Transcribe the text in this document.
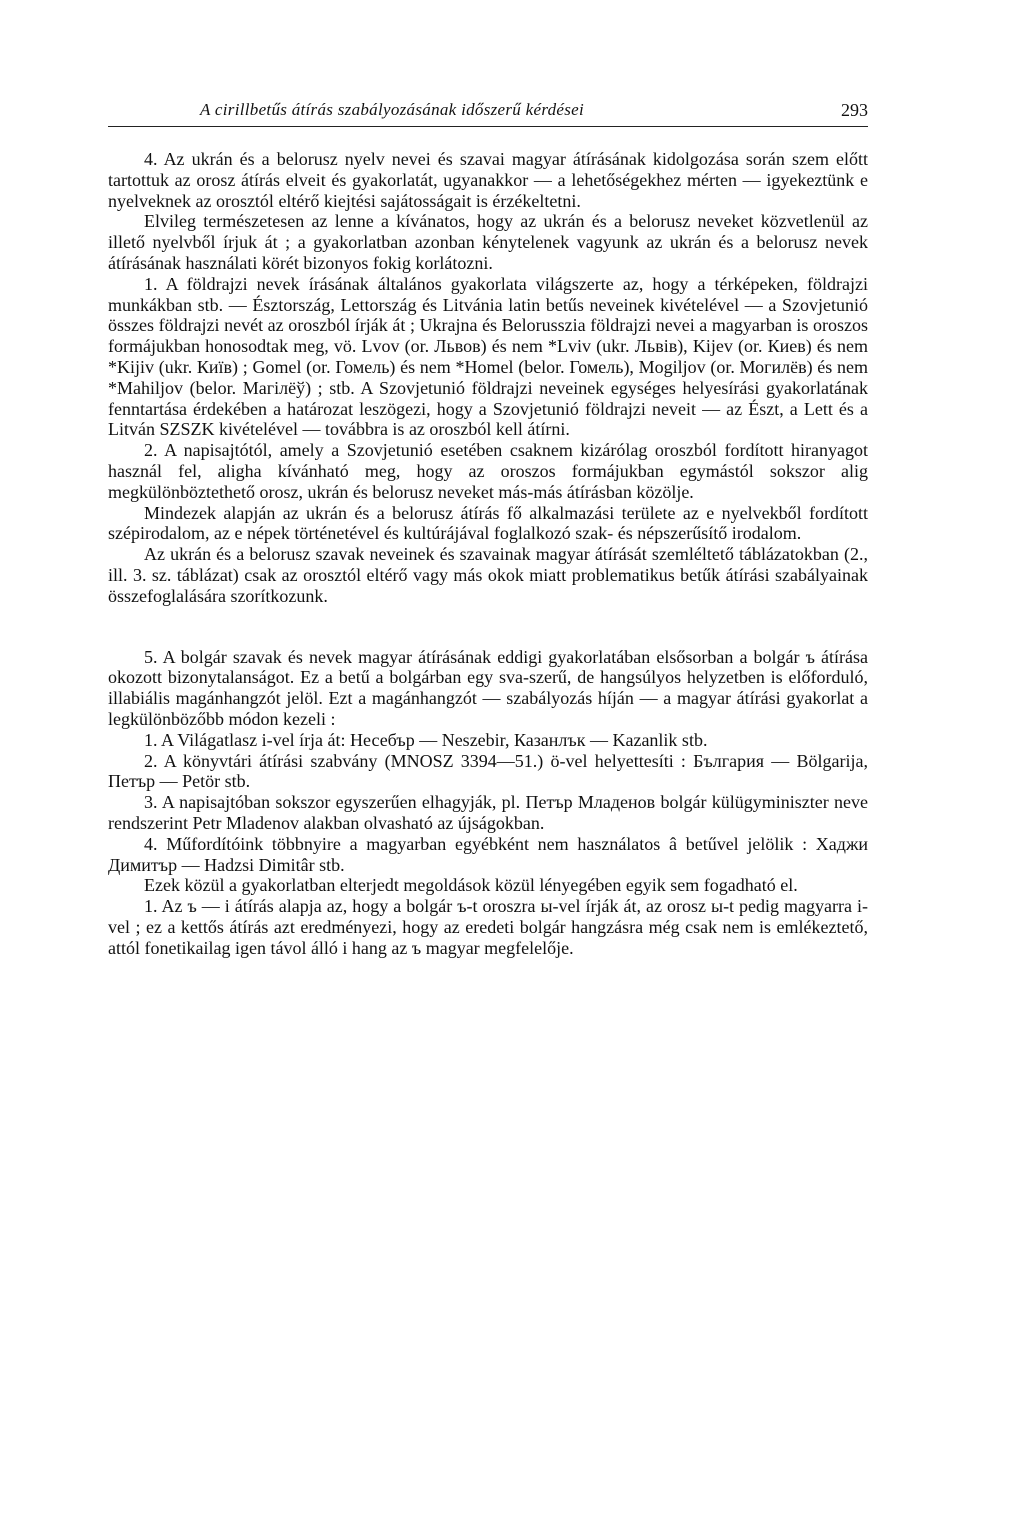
A cirillbetűs átírás szabályozásának időszerű kérdései	293

4. Az ukrán és a belorusz nyelv nevei és szavai magyar átírásának kidolgozása során szem előtt tartottuk az orosz átírás elveit és gyakorlatát, ugyanakkor — a lehetőségekhez mérten — igyekeztünk e nyelveknek az orosztól eltérő kiejtési sajátosságait is érzékeltetni.

Elvileg természetesen az lenne a kívánatos, hogy az ukrán és a belorusz neveket közvetlenül az illető nyelvből írjuk át ; a gyakorlatban azonban kénytelenek vagyunk az ukrán és a belorusz nevek átírásának használati körét bizonyos fokig korlátozni.

1. A földrajzi nevek írásának általános gyakorlata világszerte az, hogy a térképeken, földrajzi munkákban stb. — Észtország, Lettország és Litvánia latin betűs neveinek kivételével — a Szovjetunió összes földrajzi nevét az oroszból írják át ; Ukrajna és Belorusszia földrajzi nevei a magyarban is oroszos formájukban honosodtak meg, vö. Lvov (or. Львов) és nem *Lviv (ukr. Львів), Kijev (or. Киев) és nem *Kijiv (ukr. Київ) ; Gomel (or. Гомель) és nem *Homel (belor. Гомель), Mogiljov (or. Могилёв) és nem *Mahiljov (belor. Магілёў) ; stb. A Szovjetunió földrajzi neveinek egységes helyesírási gyakorlatának fenntartása érdekében a határozat leszögezi, hogy a Szovjetunió földrajzi neveit — az Észt, a Lett és a Litván SZSZK kivételével — továbbra is az oroszból kell átírni.

2. A napisajtótól, amely a Szovjetunió esetében csaknem kizárólag oroszból fordított hiranyagot használ fel, aligha kívánható meg, hogy az oroszos formájukban egymástól sokszor alig megkülönböztethető orosz, ukrán és belorusz neveket más-más átírásban közölje.

Mindezek alapján az ukrán és a belorusz átírás fő alkalmazási területe az e nyelvekből fordított szépirodalom, az e népek történetével és kultúrájával foglalkozó szak- és népszerűsítő irodalom.

Az ukrán és a belorusz szavak neveinek és szavainak magyar átírását szemléltető táblázatokban (2., ill. 3. sz. táblázat) csak az orosztól eltérő vagy más okok miatt problematikus betűk átírási szabályainak összefoglalására szorítkozunk.

5. A bolgár szavak és nevek magyar átírásának eddigi gyakorlatában elsősorban a bolgár ъ átírása okozott bizonytalanságot. Ez a betű a bolgárban egy sva-szerű, de hangsúlyos helyzetben is előforduló, illabiális magánhangzót jelöl. Ezt a magánhangzót — szabályozás híján — a magyar átírási gyakorlat a legkülönbözőbb módon kezeli :

1. A Világatlasz i-vel írja át: Несебър — Neszebir, Казанлък — Kazanlik stb.

2. A könyvtári átírási szabvány (MNOSZ 3394—51.) ö-vel helyettesíti : България — Bölgarija, Петър — Petör stb.

3. A napisajtóban sokszor egyszerűen elhagyják, pl. Петър Младенов bolgár külügyminiszter neve rendszerint Petr Mladenov alakban olvasható az újságokban.

4. Műfordítóink többnyire a magyarban egyébként nem használatos â betűvel jelölik : Хаджи Димитър — Hadzsi Dimitâr stb.

Ezek közül a gyakorlatban elterjedt megoldások közül lényegében egyik sem fogadható el.

1. Az ъ — i átírás alapja az, hogy a bolgár ъ-t oroszra ы-vel írják át, az orosz ы-t pedig magyarra i-vel ; ez a kettős átírás azt eredményezi, hogy az eredeti bolgár hangzásra még csak nem is emlékeztető, attól fonetikailag igen távol álló i hang az ъ magyar megfelelője.
